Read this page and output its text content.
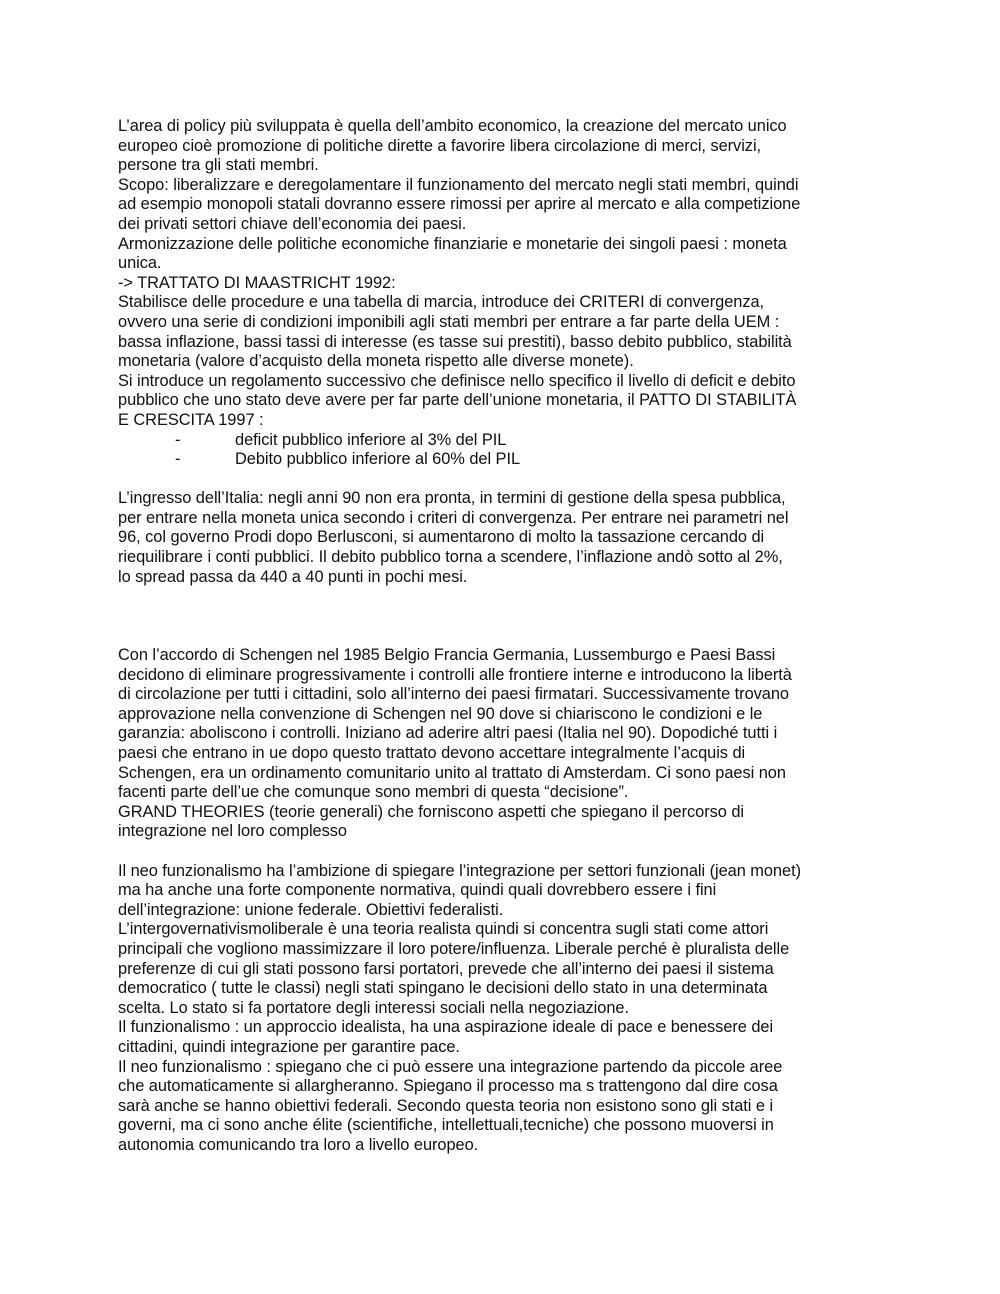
L’area di policy più sviluppata è quella dell’ambito economico, la creazione del mercato unico
europeo cioè promozione di politiche dirette a favorire libera circolazione di merci, servizi,
persone tra gli stati membri.
Scopo: liberalizzare e deregolamentare il funzionamento del mercato negli stati membri, quindi
ad esempio monopoli statali dovranno essere rimossi per aprire al mercato e alla competizione
dei privati settori chiave dell’economia dei paesi.
Armonizzazione delle politiche economiche finanziarie e monetarie dei singoli paesi : moneta
unica.
-> TRATTATO DI MAASTRICHT 1992:
Stabilisce delle procedure e una tabella di marcia, introduce dei CRITERI di convergenza,
ovvero una serie di condizioni imponibili agli stati membri per entrare a far parte della UEM :
bassa inflazione, bassi tassi di interesse (es tasse sui prestiti), basso debito pubblico, stabilità
monetaria (valore d’acquisto della moneta rispetto alle diverse monete).
Si introduce un regolamento successivo che definisce nello specifico il livello di deficit e debito
pubblico che uno stato deve avere per far parte dell’unione monetaria, il PATTO DI STABILITÀ
E CRESCITA 1997 :
-	deficit pubblico inferiore al 3% del PIL
-	Debito pubblico inferiore al 60% del PIL
L’ingresso dell’Italia: negli anni 90 non era pronta, in termini di gestione della spesa pubblica,
per entrare nella moneta unica secondo i criteri di convergenza. Per entrare nei parametri nel
96, col governo Prodi dopo Berlusconi, si aumentarono di molto la tassazione cercando di
riequilibrare i conti pubblici. Il debito pubblico torna a scendere, l’inflazione andò sotto al 2%,
lo spread passa da 440 a 40 punti in pochi mesi.
Con l’accordo di Schengen nel 1985 Belgio Francia Germania, Lussemburgo e Paesi Bassi
decidono di eliminare progressivamente i controlli alle frontiere interne e introducono la libertà
di circolazione per tutti i cittadini, solo all’interno dei paesi firmatari. Successivamente trovano
approvazione nella convenzione di Schengen nel 90 dove si chiariscono le condizioni e le
garanzia: aboliscono i controlli. Iniziano ad aderire altri paesi (Italia nel 90). Dopodiché tutti i
paesi che entrano in ue dopo questo trattato devono accettare integralmente l’acquis di
Schengen, era un ordinamento comunitario unito al trattato di Amsterdam. Ci sono paesi non
facenti parte dell’ue che comunque sono membri di questa “decisione”.
GRAND THEORIES (teorie generali) che forniscono aspetti che spiegano il percorso di
integrazione nel loro complesso
Il neo funzionalismo ha l’ambizione di spiegare l’integrazione per settori funzionali (jean monet)
ma ha anche una forte componente normativa, quindi quali dovrebbero essere i fini
dell’integrazione: unione federale. Obiettivi federalisti.
L’intergovernativismoliberale è una teoria realista quindi si concentra sugli stati come attori
principali che vogliono massimizzare il loro potere/influenza. Liberale perché è pluralista delle
preferenze di cui gli stati possono farsi portatori, prevede che all’interno dei paesi il sistema
democratico ( tutte le classi) negli stati spingano le decisioni dello stato in una determinata
scelta. Lo stato si fa portatore degli interessi sociali nella negoziazione.
Il funzionalismo : un approccio idealista, ha una aspirazione ideale di pace e benessere dei
cittadini, quindi integrazione per garantire pace.
Il neo funzionalismo : spiegano che ci può essere una integrazione partendo da piccole aree
che automaticamente si allargheranno. Spiegano il processo ma s trattengono dal dire cosa
sarà anche se hanno obiettivi federali. Secondo questa teoria non esistono sono gli stati e i
governi, ma ci sono anche élite (scientifiche, intellettuali,tecniche) che possono muoversi in
autonomia comunicando tra loro a livello europeo.
